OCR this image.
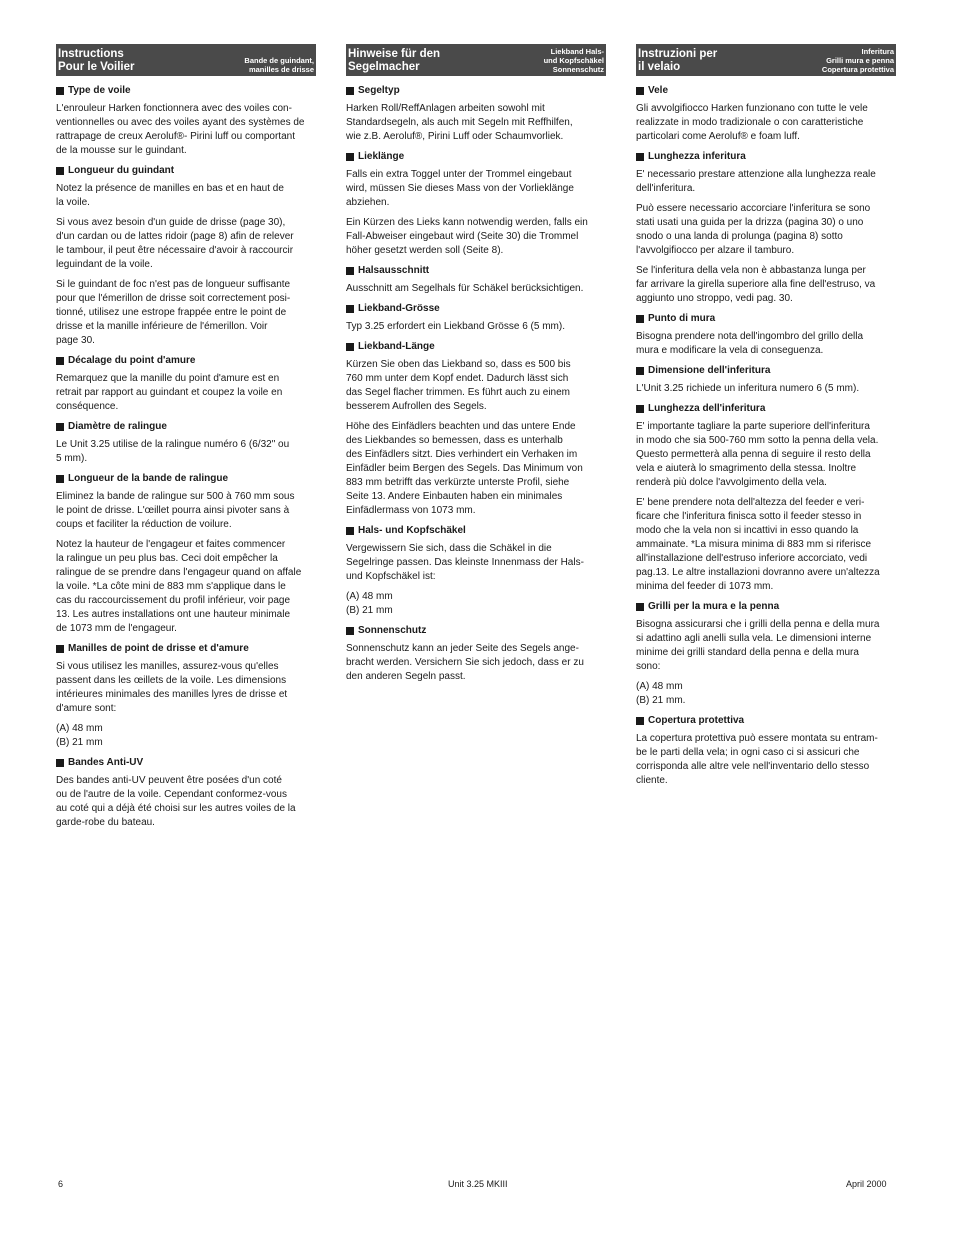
Instructions
Pour le Voilier
Bande de guindant,
manilles de drisse
Type de voile
L'enrouleur Harken fonctionnera avec des voiles con-
ventionnelles ou avec des voiles ayant des systèmes de
rattrapage de creux Aeroluf®- Pirini luff ou comportant
de la mousse sur le guindant.
Longueur du guindant
Notez la présence de manilles en bas et en haut de
la voile.
Si vous avez besoin d'un guide de drisse (page 30),
d'un cardan ou de lattes ridoir (page 8) afin de relever
le tambour, il peut être nécessaire d'avoir à raccourcir
leguindant de la voile.
Si le guindant de foc n'est pas de longueur suffisante
pour que l'émerillon de drisse soit correctement posi-
tionné, utilisez une estrope frappée entre le point de
drisse et la manille inférieure de l'émerillon. Voir
page 30.
Décalage du point d'amure
Remarquez que la manille du point d'amure est en
retrait par rapport au guindant et coupez la voile en
conséquence.
Diamètre de ralingue
Le Unit 3.25 utilise de la ralingue numéro 6 (6/32" ou
5 mm).
Longueur de la bande de ralingue
Eliminez la bande de ralingue sur 500 à 760 mm sous
le point de drisse. L'œillet pourra ainsi pivoter sans à
coups et faciliter la réduction de voilure.
Notez la hauteur de l'engageur et faites commencer
la ralingue un peu plus bas. Ceci doit empêcher la
ralingue de se prendre dans l'engageur quand on affale
la voile. *La côte mini de 883 mm s'applique dans le
cas du raccourcissement du profil inférieur, voir page
13. Les autres installations ont une hauteur minimale
de 1073 mm de l'engageur.
Manilles de point de drisse et d'amure
Si vous utilisez les manilles, assurez-vous qu'elles
passent dans les œillets de la voile. Les dimensions
intérieures minimales des manilles lyres de drisse et
d'amure sont:
(A) 48 mm
(B) 21 mm
Bandes Anti-UV
Des bandes anti-UV peuvent être posées d'un coté
ou de l'autre de la voile. Cependant conformez-vous
au coté qui a déjà été choisi sur les autres voiles de la
garde-robe du bateau.
Hinweise für den
Segelmacher
Liekband Hals-
und Kopfschäkel
Sonnenschutz
Segeltyp
Harken Roll/ReffAnlagen arbeiten sowohl mit
Standardsegeln, als auch mit Segeln mit Reffhilfen,
wie z.B. Aeroluf®, Pirini Luff oder Schaumvorliek.
Lieklänge
Falls ein extra Toggel unter der Trommel eingebaut
wird, müssen Sie dieses Mass von der Vorlieklänge
abziehen.
Ein Kürzen des Lieks kann notwendig werden, falls ein
Fall-Abweiser eingebaut wird (Seite 30) die Trommel
höher gesetzt werden soll (Seite 8).
Halsausschnitt
Ausschnitt am Segelhals für Schäkel berücksichtigen.
Liekband-Grösse
Typ 3.25 erfordert ein Liekband Grösse 6 (5 mm).
Liekband-Länge
Kürzen Sie oben das Liekband so, dass es 500 bis
760 mm unter dem Kopf endet. Dadurch lässt sich
das Segel flacher trimmen. Es führt auch zu einem
besserem Aufrollen des Segels.
Höhe des Einfädlers beachten und das untere Ende
des Liekbandes so bemessen, dass es unterhalb
des Einfädlers sitzt. Dies verhindert ein Verhaken im
Einfädler beim Bergen des Segels. Das Minimum von
883 mm betrifft das verkürzte unterste Profil, siehe
Seite 13. Andere Einbauten haben ein minimales
Einfädlermass von 1073 mm.
Hals- und Kopfschäkel
Vergewissern Sie sich, dass die Schäkel in die
Segelringe passen. Das kleinste Innenmass der Hals-
und Kopfschäkel ist:
(A) 48 mm
(B) 21 mm
Sonnenschutz
Sonnenschutz kann an jeder Seite des Segels ange-
bracht werden. Versichern Sie sich jedoch, dass er zu
den anderen Segeln passt.
Instruzioni per
il velaio
Inferitura
Grilli mura e penna
Copertura protettiva
Vele
Gli avvolgifiocco Harken funzionano con tutte le vele
realizzate in modo tradizionale o con caratteristiche
particolari come Aeroluf® e foam luff.
Lunghezza inferitura
E' necessario prestare attenzione alla lunghezza reale
dell'inferitura.
Può essere necessario accorciare l'inferitura se sono
stati usati una guida per la drizza (pagina 30) o uno
snodo o una landa di prolunga (pagina 8) sotto
l'avvolgifiocco per alzare il tamburo.
Se l'inferitura della vela non è abbastanza lunga per
far arrivare la girella superiore alla fine dell'estruso, va
aggiunto uno stroppo, vedi pag. 30.
Punto di mura
Bisogna prendere nota dell'ingombro del grillo della
mura e modificare la vela di conseguenza.
Dimensione dell'inferitura
L'Unit 3.25 richiede un inferitura numero 6 (5 mm).
Lunghezza dell'inferitura
E' importante tagliare la parte superiore dell'inferitura
in modo che sia 500-760 mm sotto la penna della vela.
Questo permetterà alla penna di seguire il resto della
vela e aiuterà lo smagrimento della stessa. Inoltre
renderà più dolce l'avvolgimento della vela.
E' bene prendere nota dell'altezza del feeder e veri-
ficare che l'inferitura finisca sotto il feeder stesso in
modo che la vela non si incattivi in esso quando la
ammainate. *La misura minima di 883 mm si riferisce
all'installazione dell'estruso inferiore accorciato, vedi
pag.13. Le altre installazioni dovranno avere un'altezza
minima del feeder di 1073 mm.
Grilli per la mura e la penna
Bisogna assicurarsi che i grilli della penna e della mura
si adattino agli anelli sulla vela. Le dimensioni interne
minime dei grilli standard della penna e della mura
sono:
(A) 48 mm
(B) 21 mm.
Copertura protettiva
La copertura protettiva può essere montata su entram-
be le parti della vela; in ogni caso ci si assicuri che
corrisponda alle altre vele nell'inventario dello stesso
cliente.
6	Unit 3.25 MKIII	April 2000
